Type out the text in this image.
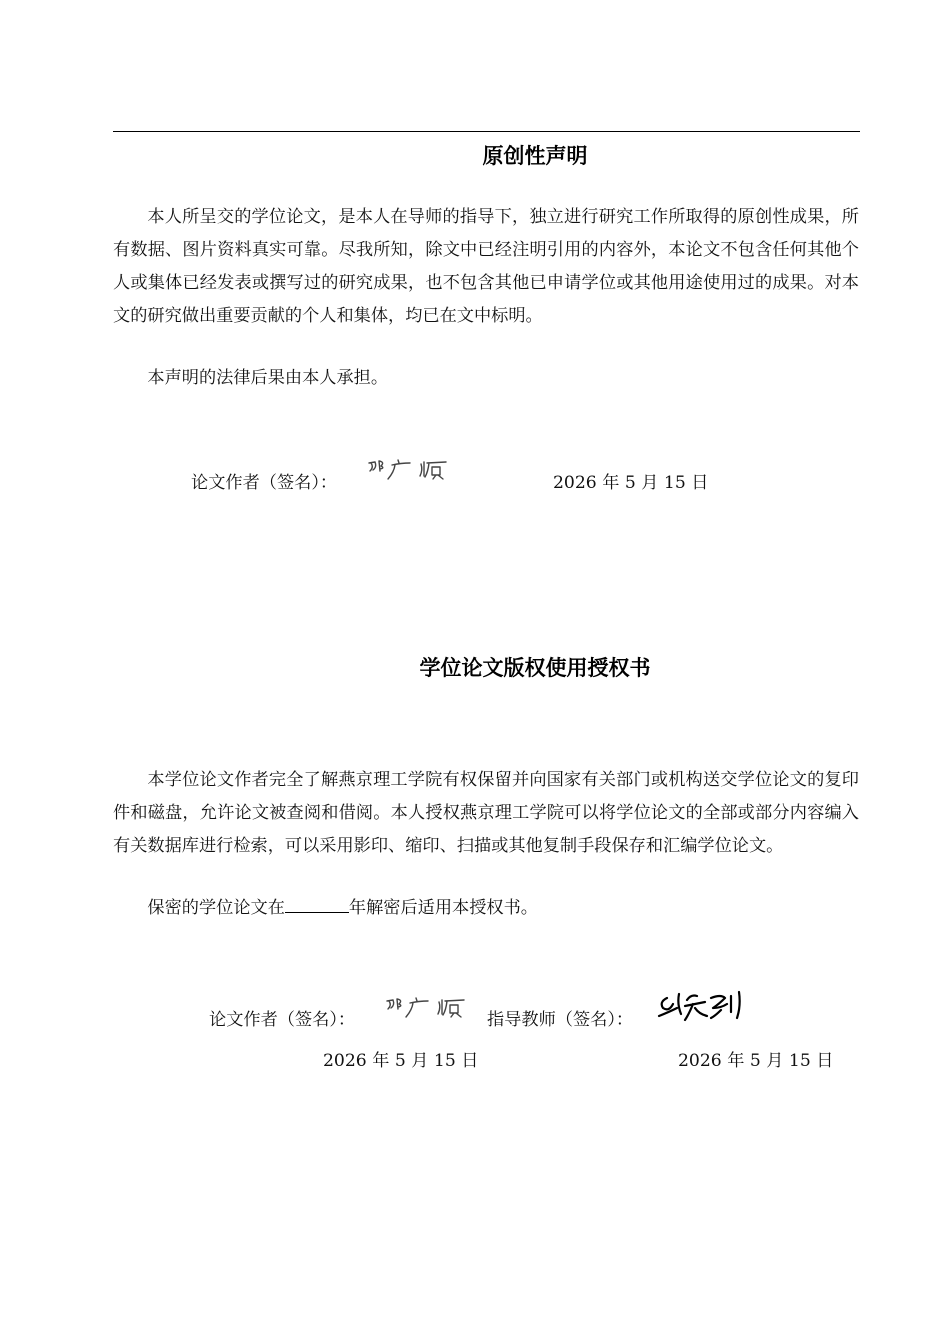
原创性声明

本人所呈交的学位论文，是本人在导师的指导下，独立进行研究工作所取得的原创性成果，所有数据、图片资料真实可靠。尽我所知，除文中已经注明引用的内容外，本论文不包含任何其他个人或集体已经发表或撰写过的研究成果，也不包含其他已申请学位或其他用途使用过的成果。对本文的研究做出重要贡献的个人和集体，均已在文中标明。

本声明的法律后果由本人承担。

论文作者（签名）：	2026 年 5 月 15 日
学位论文版权使用授权书

本学位论文作者完全了解燕京理工学院有权保留并向国家有关部门或机构送交学位论文的复印件和磁盘，允许论文被查阅和借阅。本人授权燕京理工学院可以将学位论文的全部或部分内容编入有关数据库进行检索，可以采用影印、缩印、扫描或其他复制手段保存和汇编学位论文。

保密的学位论文在	年解密后适用本授权书。

论文作者（签名）：	指导教师（签名）：
2026 年 5 月 15 日	2026 年 5 月 15 日
